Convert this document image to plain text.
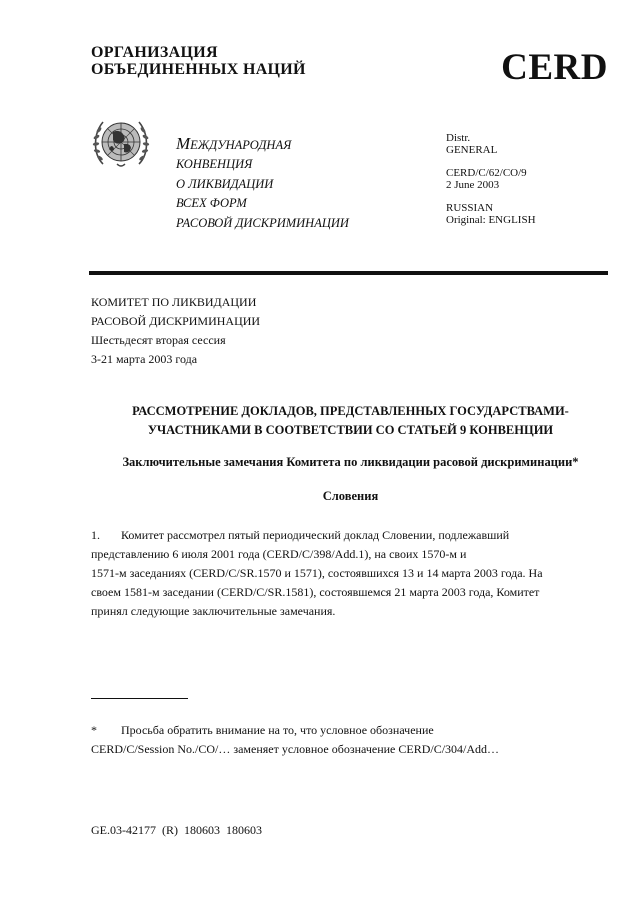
ОРГАНИЗАЦИЯ
ОБЪЕДИНЕННЫХ НАЦИЙ	CERD
МЕЖДУНАРОДНАЯ
КОНВЕНЦИЯ
О ЛИКВИДАЦИИ
ВСЕХ ФОРМ
РАСОВОЙ ДИСКРИМИНАЦИИ
Distr.
GENERAL
CERD/C/62/CO/9
2 June 2003
RUSSIAN
Original: ENGLISH
КОМИТЕТ ПО ЛИКВИДАЦИИ
РАСОВОЙ ДИСКРИМИНАЦИИ
Шестьдесят вторая сессия
3-21 марта 2003 года
РАССМОТРЕНИЕ ДОКЛАДОВ, ПРЕДСТАВЛЕННЫХ ГОСУДАРСТВАМИ-
УЧАСТНИКАМИ В СООТВЕТСТВИИ СО СТАТЬЕЙ 9 КОНВЕНЦИИ
Заключительные замечания Комитета по ликвидации расовой дискриминации*
Словения
1. Комитет рассмотрел пятый периодический доклад Словении, подлежавший
представлению 6 июля 2001 года (CERD/C/398/Add.1), на своих 1570-м и
1571-м заседаниях (CERD/C/SR.1570 и 1571), состоявшихся 13 и 14 марта 2003 года. На
своем 1581-м заседании (CERD/C/SR.1581), состоявшемся 21 марта 2003 года, Комитет
принял следующие заключительные замечания.
* Просьба обратить внимание на то, что условное обозначение
CERD/C/Session No./CO/… заменяет условное обозначение CERD/C/304/Add…
GE.03-42177  (R)  180603  180603
